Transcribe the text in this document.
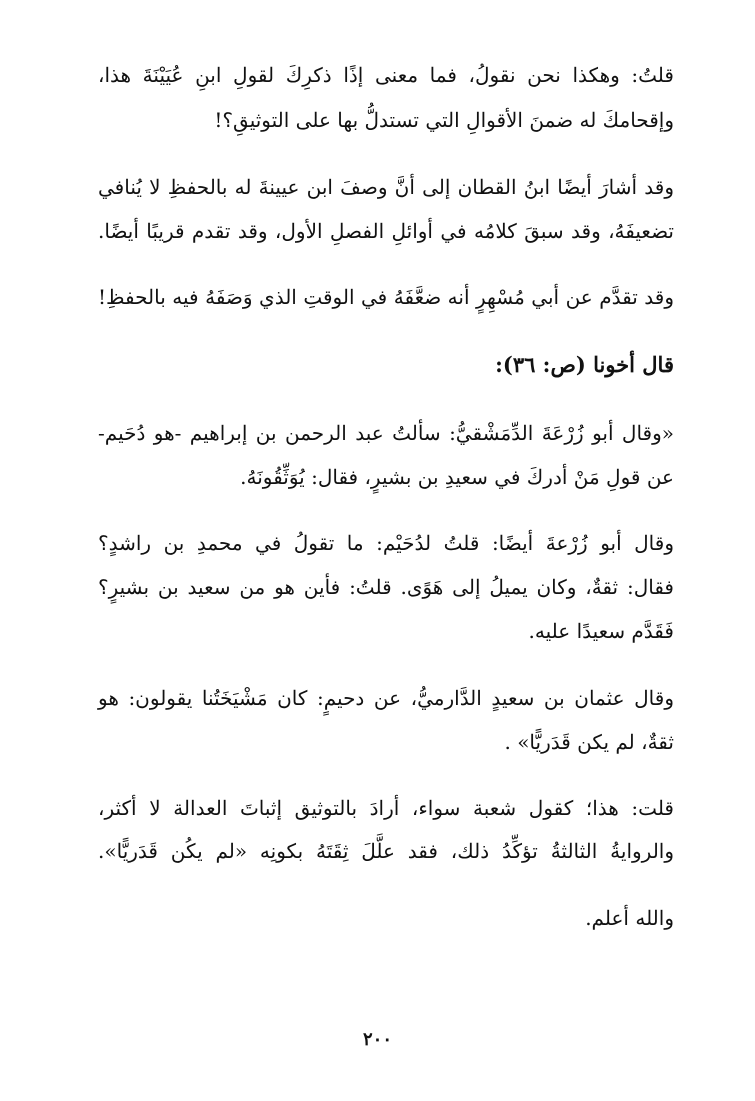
قلتُ: وهكذا نحن نقولُ، فما معنى إذًا ذكرِكَ لقولِ ابنِ عُيَيْنَةَ هذا،
وإقحامكَ له ضمنَ الأقوالِ التي تستدلُّ بها على التوثيقِ؟!
وقد أشارَ أيضًا ابنُ القطان إلى أنَّ وصفَ ابن عيينةَ له بالحفظِ لا يُنافي
تضعيفَهُ، وقد سبقَ كلامُه في أوائلِ الفصلِ الأول، وقد تقدم قريبًا أيضًا.
وقد تقدَّم عن أبي مُسْهِرٍ أنه ضعَّفَهُ في الوقتِ الذي وَصَفَهُ فيه بالحفظِ!
قال أخونا (ص: ٣٦):
«وقال أبو زُرْعَةَ الدِّمَشْقيُّ: سألتُ عبد الرحمن بن إبراهيم -هو دُحَيم-
عن قولِ مَنْ أدركَ في سعيدِ بن بشيرٍ، فقال: يُوَثِّقُونَهُ.
وقال أبو زُرْعةَ أيضًا: قلتُ لدُحَيْم: ما تقولُ في محمدِ بن راشدٍ؟
فقال: ثقةٌ، وكان يميلُ إلى هَوًى. قلتُ: فأين هو من سعيد بن بشيرٍ؟
فَقَدَّم سعيدًا عليه.
وقال عثمان بن سعيدٍ الدَّارميُّ، عن دحيمٍ: كان مَشْيَخَتُنا يقولون: هو
ثقةٌ، لم يكن قَدَريًّا» .
قلت: هذا؛ كقول شعبة سواء، أرادَ بالتوثيق إثباتَ العدالة لا أكثر،
والروايةُ الثالثةُ تؤكِّدُ ذلك، فقد علَّلَ ثِقَتَهُ بكونِه «لم يكُن قَدَريًّا».
والله أعلم.
٢٠٠
